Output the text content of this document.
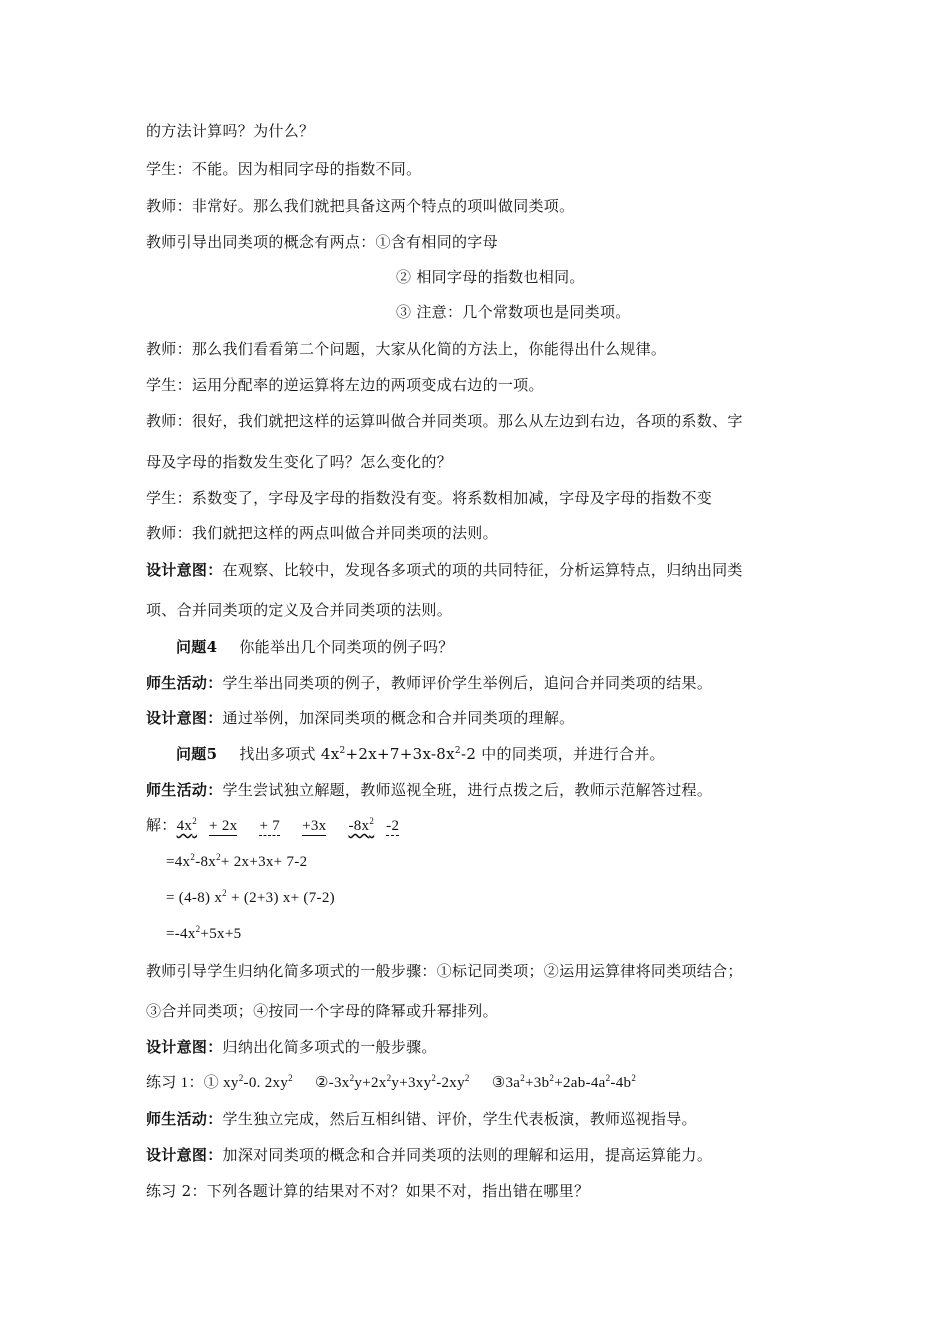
的方法计算吗？为什么？
学生：不能。因为相同字母的指数不同。
教师：非常好。那么我们就把具备这两个特点的项叫做同类项。
教师引导出同类项的概念有两点：①含有相同的字母
② 相同字母的指数也相同。
③ 注意：几个常数项也是同类项。
教师：那么我们看看第二个问题，大家从化简的方法上，你能得出什么规律。
学生：运用分配率的逆运算将左边的两项变成右边的一项。
教师：很好，我们就把这样的运算叫做合并同类项。那么从左边到右边，各项的系数、字
母及字母的指数发生变化了吗？怎么变化的？
学生：系数变了，字母及字母的指数没有变。将系数相加减，字母及字母的指数不变
教师：我们就把这样的两点叫做合并同类项的法则。
设计意图：在观察、比较中，发现各多项式的项的共同特征，分析运算特点，归纳出同类
项、合并同类项的定义及合并同类项的法则。
问题4 你能举出几个同类项的例子吗？
师生活动：学生举出同类项的例子，教师评价学生举例后，追问合并同类项的结果。
设计意图：通过举例，加深同类项的概念和合并同类项的理解。
问题5 找出多项式 $4x^2+2x+7+3x-8x^2-2$ 中的同类项，并进行合并。
师生活动：学生尝试独立解题，教师巡视全班，进行点拨之后，教师示范解答过程。
解：$4x^2 + 2x + 7 +3x$ $-8x^2$ -2
$=4x^2-8x^2+ 2x+3x+ 7-2$
= (4-8) $x^2 + (2+3)$ x+ (7-2)
$=-4x^2+5x+5$
教师引导学生归纳化简多项式的一般步骤：①标记同类项；②运用运算律将同类项结合；
③合并同类项；④按同一个字母的降幂或升幂排列。
设计意图：归纳出化简多项式的一般步骤。
练习 1：① $xy^2-0$. $2xy^2$ $②-3x^2y+2x^2y+3xy^2-2xy^2$ $③3a^2+3b^2+2ab-4a^2-4b^2$
师生活动：学生独立完成，然后互相纠错、评价，学生代表板演，教师巡视指导。
设计意图：加深对同类项的概念和合并同类项的法则的理解和运用，提高运算能力。
练习 2：下列各题计算的结果对不对？如果不对，指出错在哪里？
